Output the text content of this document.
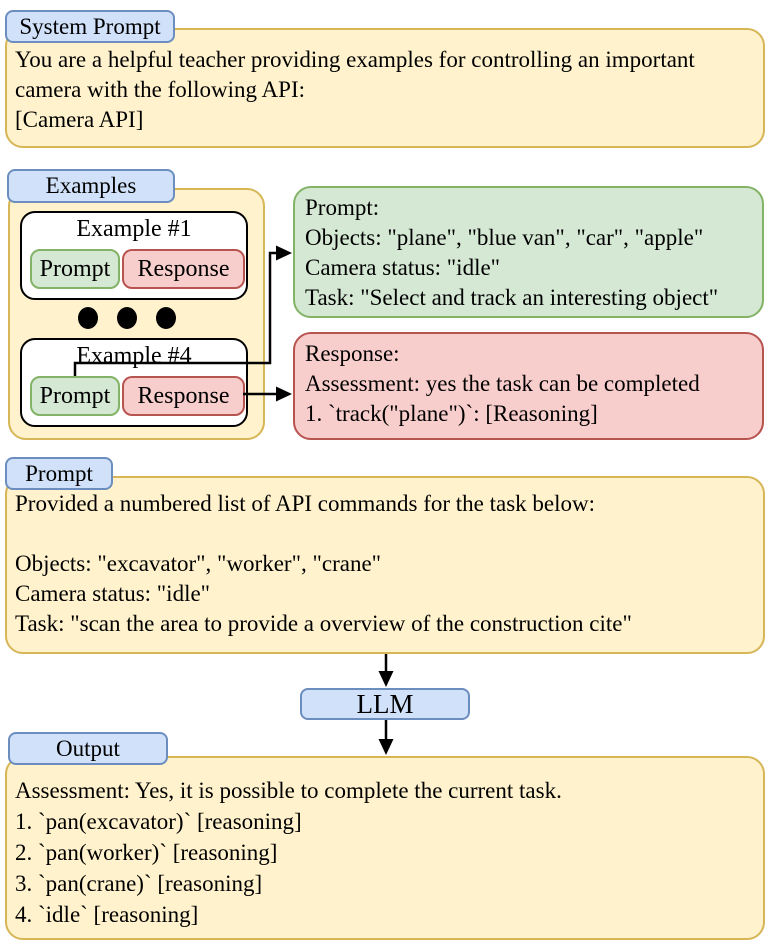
System Prompt
You are a helpful teacher providing examples for controlling an important
camera with the following API:
[Camera API]
Examples
Example #1
Prompt Response
Example #4
Prompt Response
Prompt:
Objects: "plane", "blue van", "car", "apple"
Camera status: "idle"
Task: "Select and track an interesting object"
Response:
Assessment: yes the task can be completed
1. `track("plane")`: [Reasoning]
Prompt
Provided a numbered list of API commands for the task below:
Objects: "excavator", "worker", "crane"
Camera status: "idle"
Task: "scan the area to provide a overview of the construction cite"
LLM
Output
Assessment: Yes, it is possible to complete the current task.
1. `pan(excavator)` [reasoning]
2. `pan(worker)` [reasoning]
3. `pan(crane)` [reasoning]
4. `idle` [reasoning]
